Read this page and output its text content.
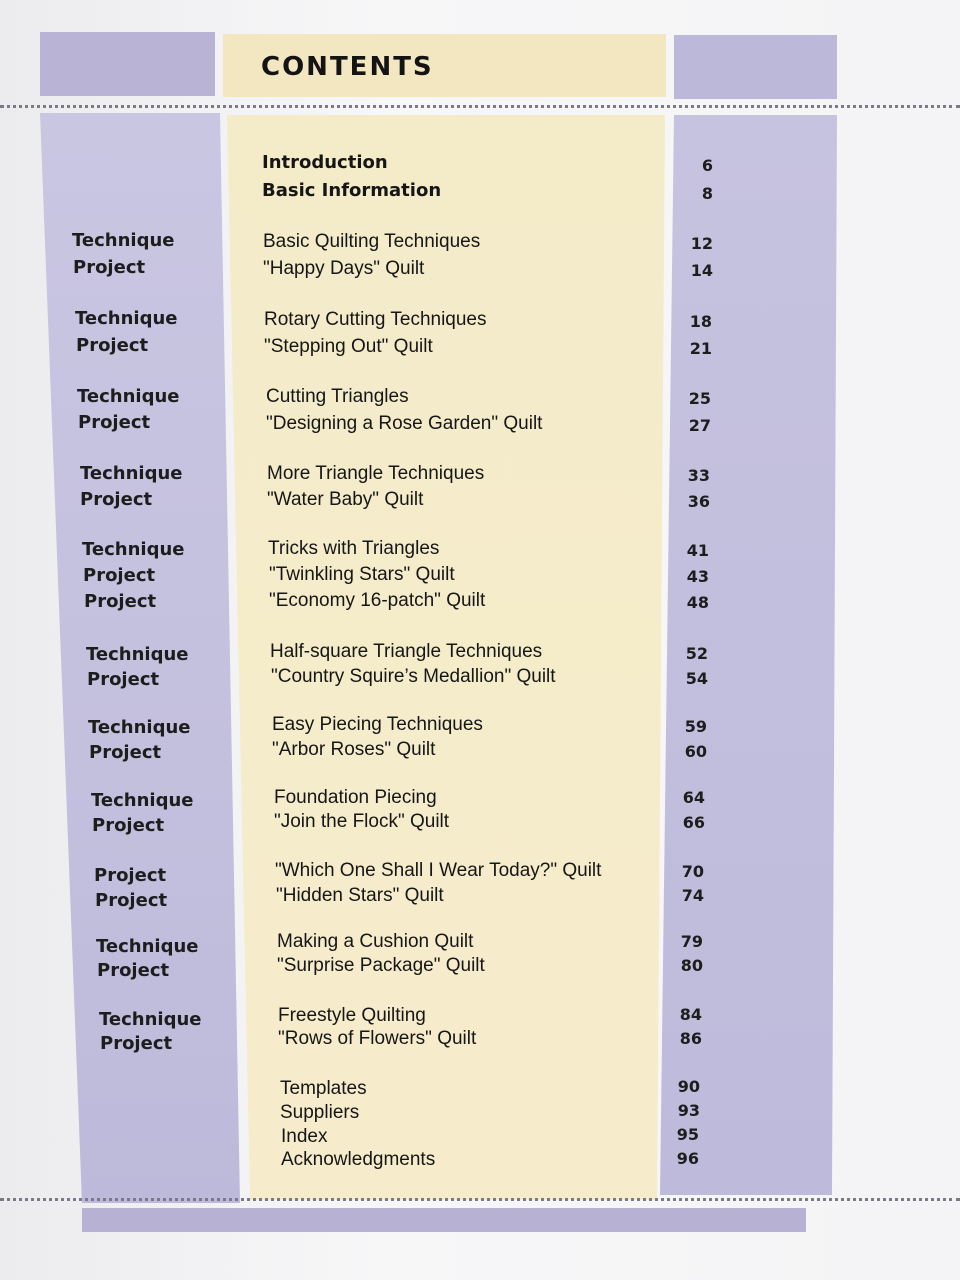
CONTENTS
Introduction	6
Basic Information	8
Technique	Basic Quilting Techniques	12
Project	"Happy Days" Quilt	14
Technique	Rotary Cutting Techniques	18
Project	"Stepping Out" Quilt	21
Technique	Cutting Triangles	25
Project	"Designing a Rose Garden" Quilt	27
Technique	More Triangle Techniques	33
Project	"Water Baby" Quilt	36
Technique	Tricks with Triangles	41
Project	"Twinkling Stars" Quilt	43
Project	"Economy 16-patch" Quilt	48
Technique	Half-square Triangle Techniques	52
Project	"Country Squire’s Medallion" Quilt	54
Technique	Easy Piecing Techniques	59
Project	"Arbor Roses" Quilt	60
Technique	Foundation Piecing	64
Project	"Join the Flock" Quilt	66
Project	"Which One Shall I Wear Today?" Quilt	70
Project	"Hidden Stars" Quilt	74
Technique	Making a Cushion Quilt	79
Project	"Surprise Package" Quilt	80
Technique	Freestyle Quilting	84
Project	"Rows of Flowers" Quilt	86
Templates	90
Suppliers	93
Index	95
Acknowledgments	96
